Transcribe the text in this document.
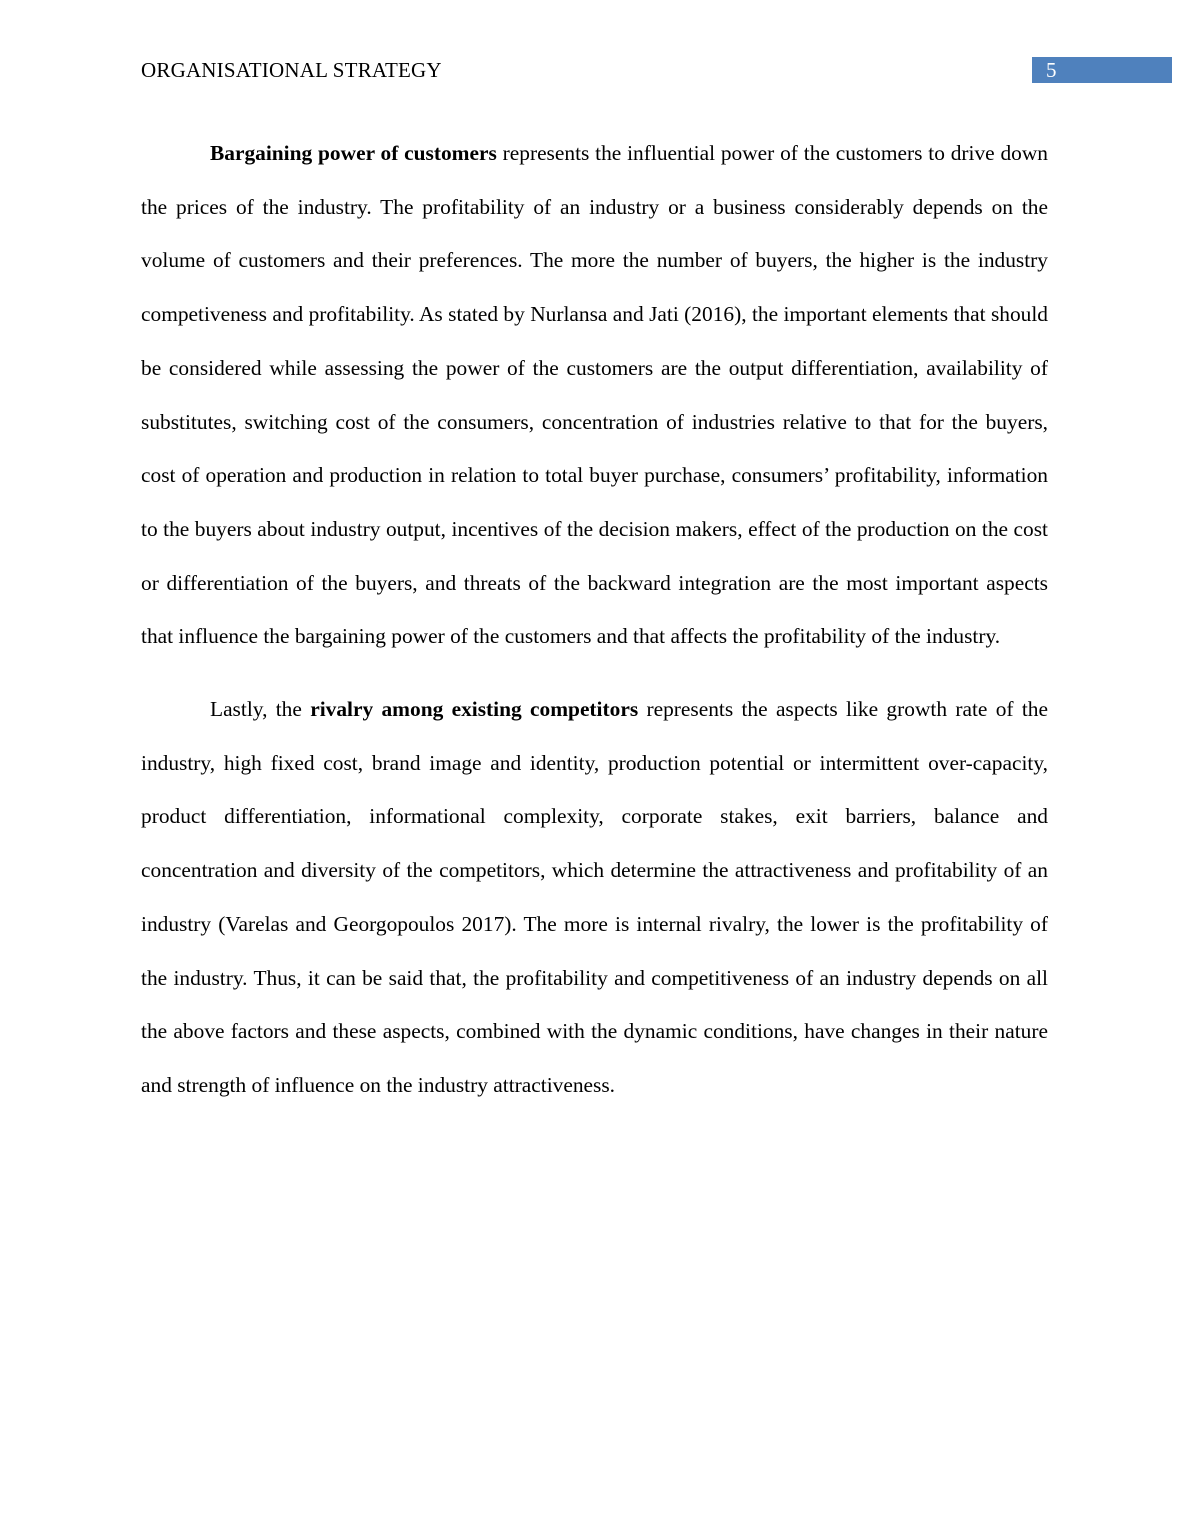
ORGANISATIONAL STRATEGY	5

Bargaining power of customers represents the influential power of the customers to drive down the prices of the industry. The profitability of an industry or a business considerably depends on the volume of customers and their preferences. The more the number of buyers, the higher is the industry competiveness and profitability. As stated by Nurlansa and Jati (2016), the important elements that should be considered while assessing the power of the customers are the output differentiation, availability of substitutes, switching cost of the consumers, concentration of industries relative to that for the buyers, cost of operation and production in relation to total buyer purchase, consumers’ profitability, information to the buyers about industry output, incentives of the decision makers, effect of the production on the cost or differentiation of the buyers, and threats of the backward integration are the most important aspects that influence the bargaining power of the customers and that affects the profitability of the industry.

Lastly, the rivalry among existing competitors represents the aspects like growth rate of the industry, high fixed cost, brand image and identity, production potential or intermittent over-capacity, product differentiation, informational complexity, corporate stakes, exit barriers, balance and concentration and diversity of the competitors, which determine the attractiveness and profitability of an industry (Varelas and Georgopoulos 2017). The more is internal rivalry, the lower is the profitability of the industry. Thus, it can be said that, the profitability and competitiveness of an industry depends on all the above factors and these aspects, combined with the dynamic conditions, have changes in their nature and strength of influence on the industry attractiveness.
